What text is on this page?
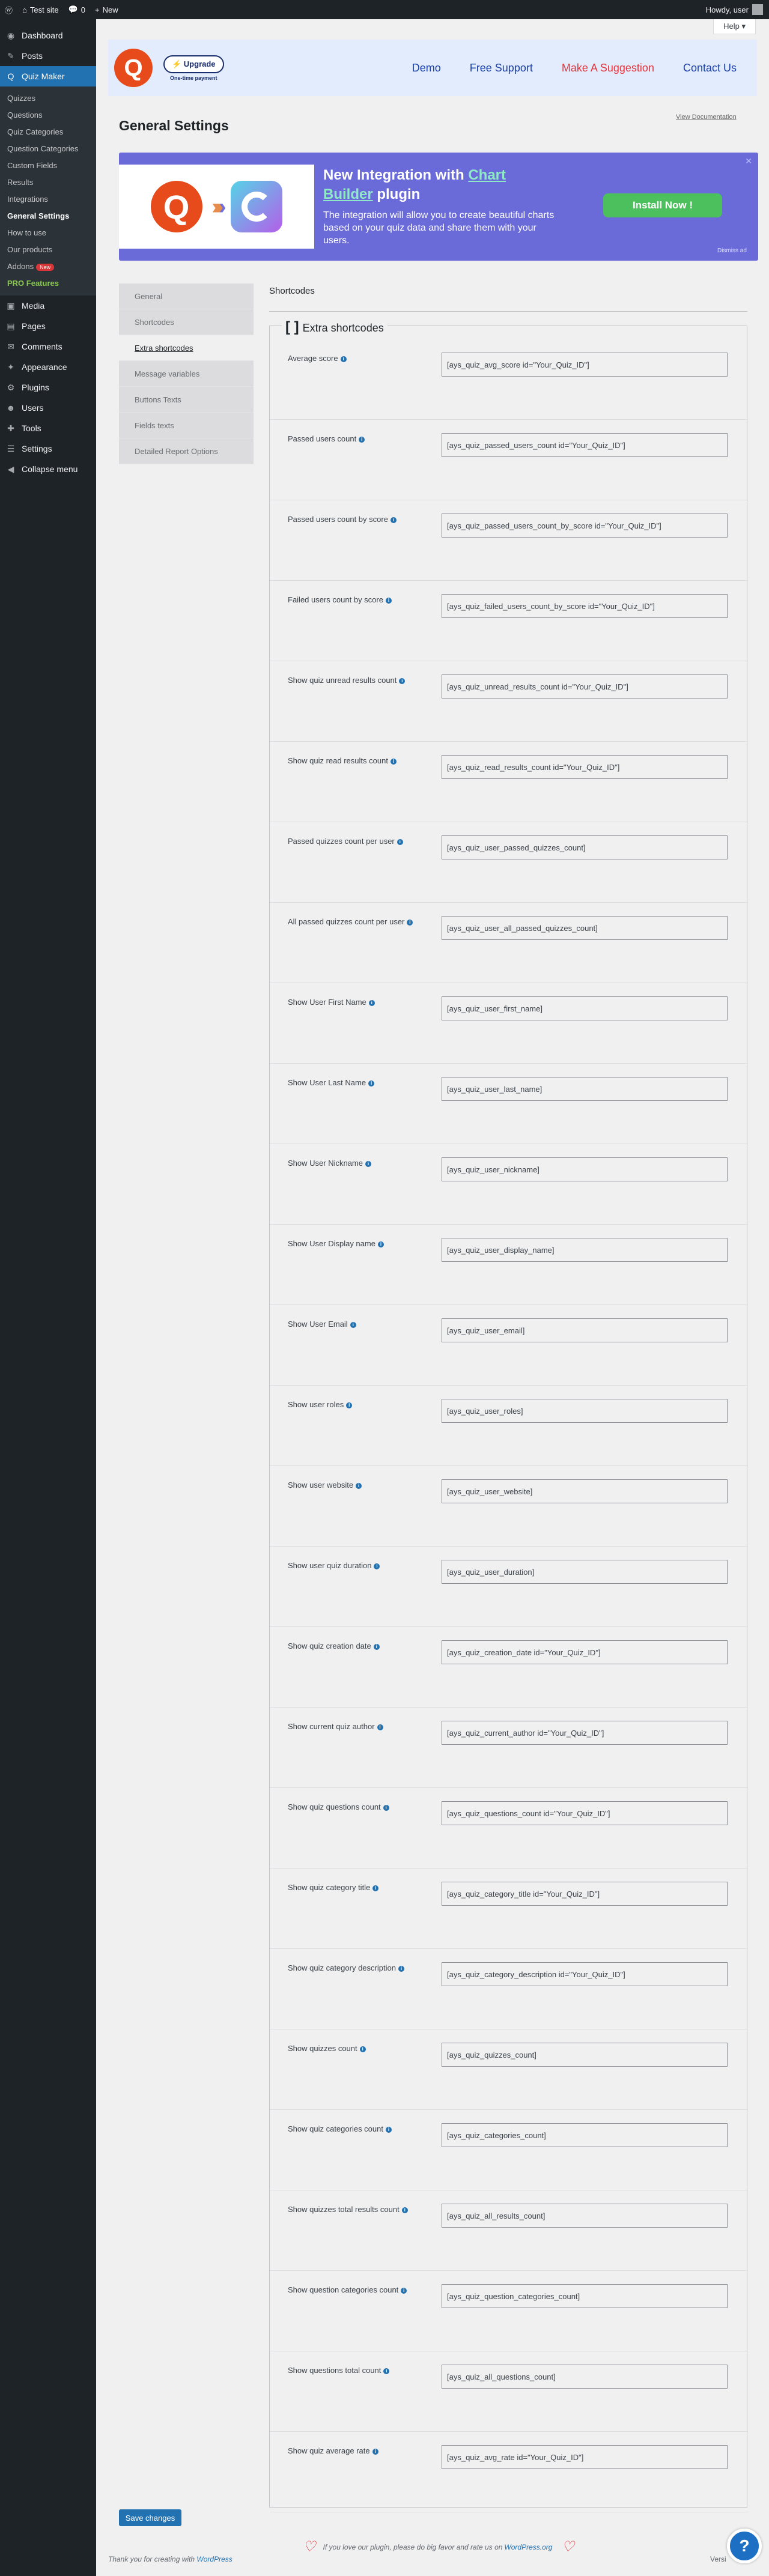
ⓦ	⌂ Test site	💬 0	+ New	Howdy, user
◉ Dashboard
✎ Posts
Q Quiz Maker
Quizzes
Questions
Quiz Categories
Question Categories
Custom Fields
Results
Integrations
General Settings
How to use
Our products
Addons New
PRO Features
▣ Media
▤ Pages
✉ Comments
✦ Appearance
⚙ Plugins
☻ Users
✚ Tools
☰ Settings
◀ Collapse menu
Help ▾
Q	⚡ Upgrade
One-time payment
Demo	Free Support	Make A Suggestion	Contact Us
General Settings
View Documentation
Q	››››
New Integration with Chart Builder plugin
The integration will allow you to create beautiful charts based on your quiz data and share them with your users.
Install Now !
Dismiss ad
✕
General
Shortcodes
Extra shortcodes
Message variables
Buttons Texts
Fields texts
Detailed Report Options
Shortcodes
[ ] Extra shortcodes
Average score i
[ays_quiz_avg_score id="Your_Quiz_ID"]
Passed users count i
[ays_quiz_passed_users_count id="Your_Quiz_ID"]
Passed users count by score i
[ays_quiz_passed_users_count_by_score id="Your_Quiz_ID"]
Failed users count by score i
[ays_quiz_failed_users_count_by_score id="Your_Quiz_ID"]
Show quiz unread results count i
[ays_quiz_unread_results_count id="Your_Quiz_ID"]
Show quiz read results count i
[ays_quiz_read_results_count id="Your_Quiz_ID"]
Passed quizzes count per user i
[ays_quiz_user_passed_quizzes_count]
All passed quizzes count per user i
[ays_quiz_user_all_passed_quizzes_count]
Show User First Name i
[ays_quiz_user_first_name]
Show User Last Name i
[ays_quiz_user_last_name]
Show User Nickname i
[ays_quiz_user_nickname]
Show User Display name i
[ays_quiz_user_display_name]
Show User Email i
[ays_quiz_user_email]
Show user roles i
[ays_quiz_user_roles]
Show user website i
[ays_quiz_user_website]
Show user quiz duration i
[ays_quiz_user_duration]
Show quiz creation date i
[ays_quiz_creation_date id="Your_Quiz_ID"]
Show current quiz author i
[ays_quiz_current_author id="Your_Quiz_ID"]
Show quiz questions count i
[ays_quiz_questions_count id="Your_Quiz_ID"]
Show quiz category title i
[ays_quiz_category_title id="Your_Quiz_ID"]
Show quiz category description i
[ays_quiz_category_description id="Your_Quiz_ID"]
Show quizzes count i
[ays_quiz_quizzes_count]
Show quiz categories count i
[ays_quiz_categories_count]
Show quizzes total results count i
[ays_quiz_all_results_count]
Show question categories count i
[ays_quiz_question_categories_count]
Show questions total count i
[ays_quiz_all_questions_count]
Show quiz average rate i
[ays_quiz_avg_rate id="Your_Quiz_ID"]
Save changes
♡ If you love our plugin, please do big favor and rate us on WordPress.org ♡
Thank you for creating with WordPress	Versi
?
